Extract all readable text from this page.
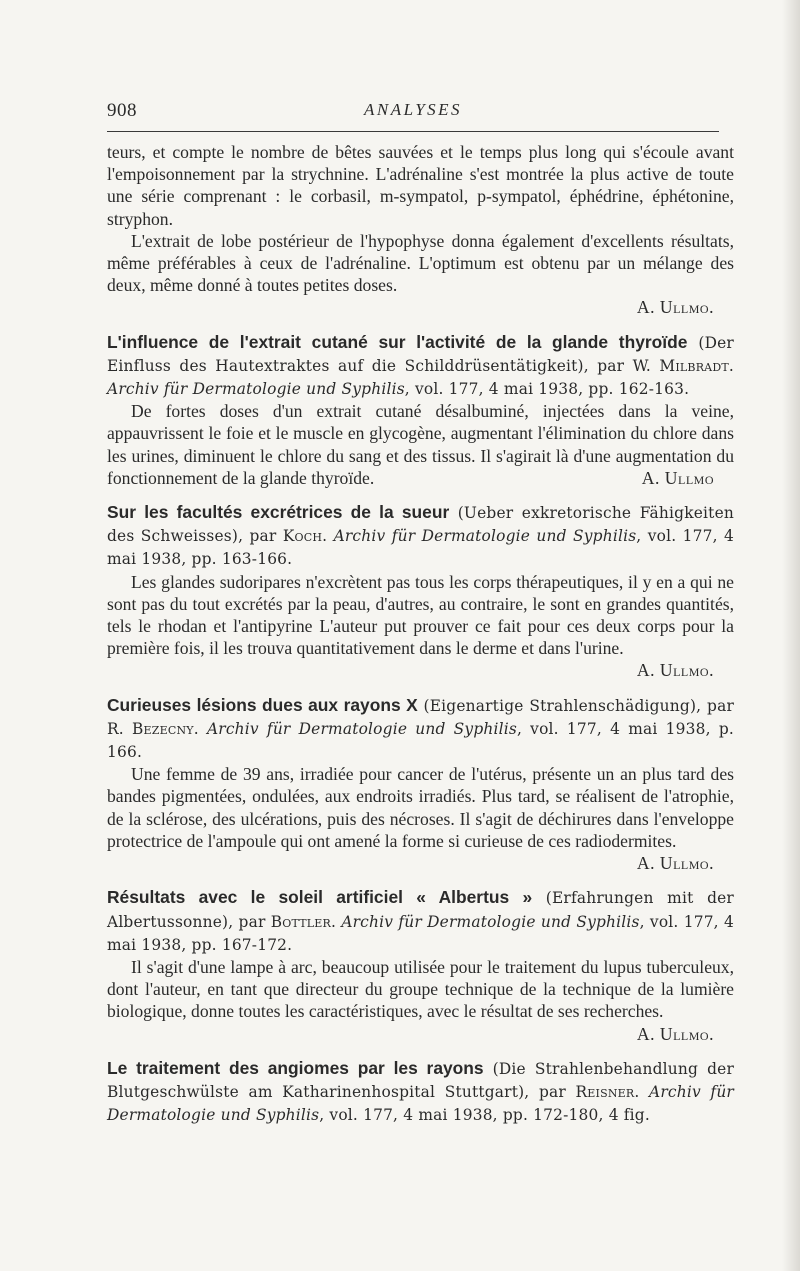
908	ANALYSES

teurs, et compte le nombre de bêtes sauvées et le temps plus long qui s'écoule avant l'empoisonnement par la strychnine. L'adrénaline s'est montrée la plus active de toute une série comprenant : le corbasil, m-sympatol, p-sympatol, éphédrine, éphétonine, stryphon.

L'extrait de lobe postérieur de l'hypophyse donna également d'excellents résultats, même préférables à ceux de l'adrénaline. L'optimum est obtenu par un mélange des deux, même donné à toutes petites doses.

A. Ullmo.

L'influence de l'extrait cutané sur l'activité de la glande thyroïde (Der Einfluss des Hautextraktes auf die Schilddrüsentätigkeit), par W. Milbradt. Archiv für Dermatologie und Syphilis, vol. 177, 4 mai 1938, pp. 162-163.

De fortes doses d'un extrait cutané désalbuminé, injectées dans la veine, appauvrissent le foie et le muscle en glycogène, augmentant l'élimination du chlore dans les urines, diminuent le chlore du sang et des tissus. Il s'agirait là d'une augmentation du fonctionnement de la glande thyroïde.	A. Ullmo

Sur les facultés excrétrices de la sueur (Ueber exkretorische Fähigkeiten des Schweisses), par Koch. Archiv für Dermatologie und Syphilis, vol. 177, 4 mai 1938, pp. 163-166.

Les glandes sudoripares n'excrètent pas tous les corps thérapeutiques, il y en a qui ne sont pas du tout excrétés par la peau, d'autres, au contraire, le sont en grandes quantités, tels le rhodan et l'antipyrine L'auteur put prouver ce fait pour ces deux corps pour la première fois, il les trouva quantitativement dans le derme et dans l'urine.

A. Ullmo.

Curieuses lésions dues aux rayons X (Eigenartige Strahlenschädigung), par R. Bezecny. Archiv für Dermatologie und Syphilis, vol. 177, 4 mai 1938, p. 166.

Une femme de 39 ans, irradiée pour cancer de l'utérus, présente un an plus tard des bandes pigmentées, ondulées, aux endroits irradiés. Plus tard, se réalisent de l'atrophie, de la sclérose, des ulcérations, puis des nécroses. Il s'agit de déchirures dans l'enveloppe protectrice de l'ampoule qui ont amené la forme si curieuse de ces radiodermites.

A. Ullmo.

Résultats avec le soleil artificiel « Albertus » (Erfahrungen mit der Albertussonne), par Bottler. Archiv für Dermatologie und Syphilis, vol. 177, 4 mai 1938, pp. 167-172.

Il s'agit d'une lampe à arc, beaucoup utilisée pour le traitement du lupus tuberculeux, dont l'auteur, en tant que directeur du groupe technique de la technique de la lumière biologique, donne toutes les caractéristiques, avec le résultat de ses recherches.
A. Ullmo.

Le traitement des angiomes par les rayons (Die Strahlenbehandlung der Blutgeschwülste am Katharinenhospital Stuttgart), par Reisner. Archiv für Dermatologie und Syphilis, vol. 177, 4 mai 1938, pp. 172-180, 4 fig.
